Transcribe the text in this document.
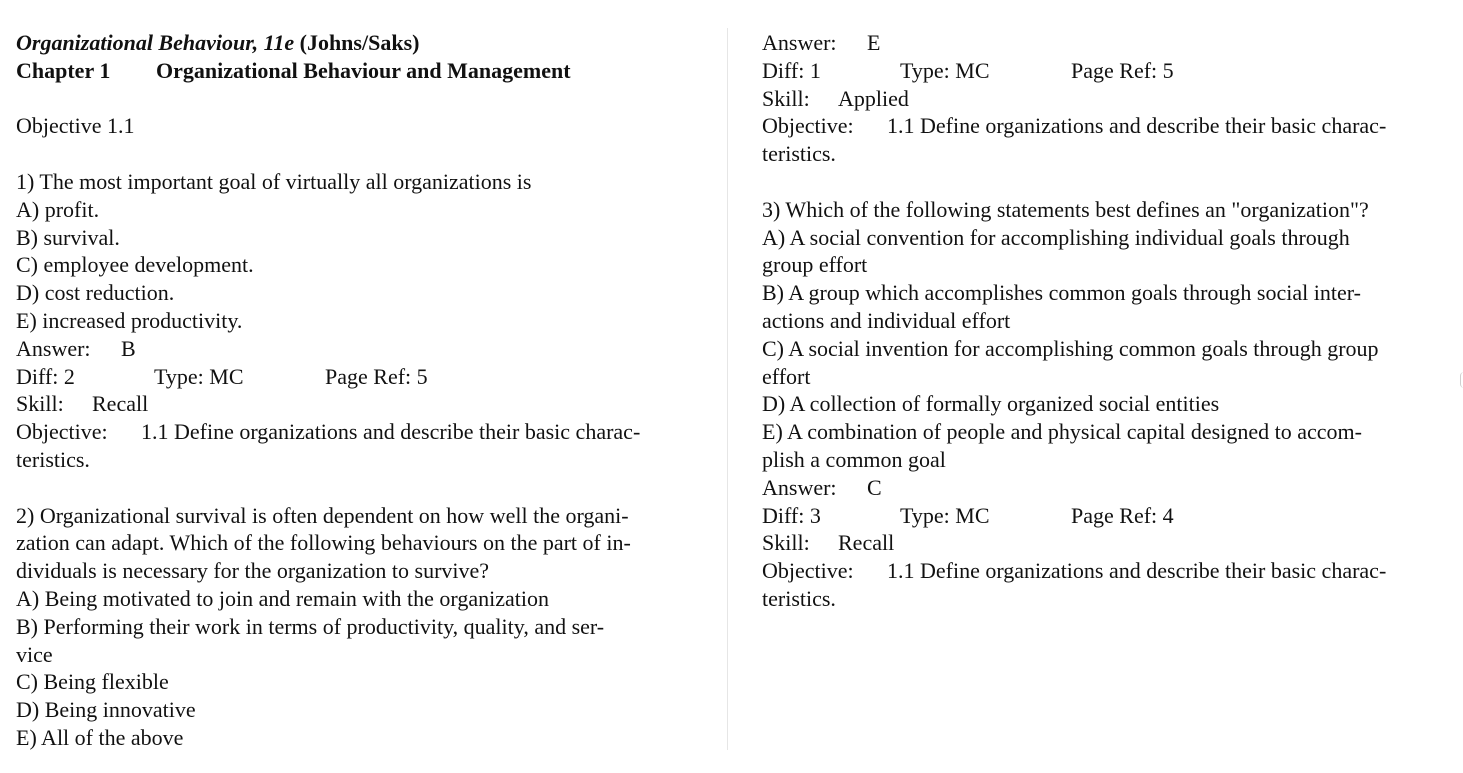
Organizational Behaviour, 11e (Johns/Saks)
Chapter 1 Organizational Behaviour and Management
Objective 1.1
1) The most important goal of virtually all organizations is
A) profit.
B) survival.
C) employee development.
D) cost reduction.
E) increased productivity.
Answer: B
Diff: 2	Type: MC	Page Ref: 5
Skill: Recall
Objective: 1.1 Define organizations and describe their basic charac-
teristics.
2) Organizational survival is often dependent on how well the organi-
zation can adapt. Which of the following behaviours on the part of in-
dividuals is necessary for the organization to survive?
A) Being motivated to join and remain with the organization
B) Performing their work in terms of productivity, quality, and ser-
vice
C) Being flexible
D) Being innovative
E) All of the above
Answer: E
Diff: 1	Type: MC	Page Ref: 5
Skill: Applied
Objective: 1.1 Define organizations and describe their basic charac-
teristics.
3) Which of the following statements best defines an "organization"?
A) A social convention for accomplishing individual goals through
group effort
B) A group which accomplishes common goals through social inter-
actions and individual effort
C) A social invention for accomplishing common goals through group
effort
D) A collection of formally organized social entities
E) A combination of people and physical capital designed to accom-
plish a common goal
Answer: C
Diff: 3	Type: MC	Page Ref: 4
Skill: Recall
Objective: 1.1 Define organizations and describe their basic charac-
teristics.
